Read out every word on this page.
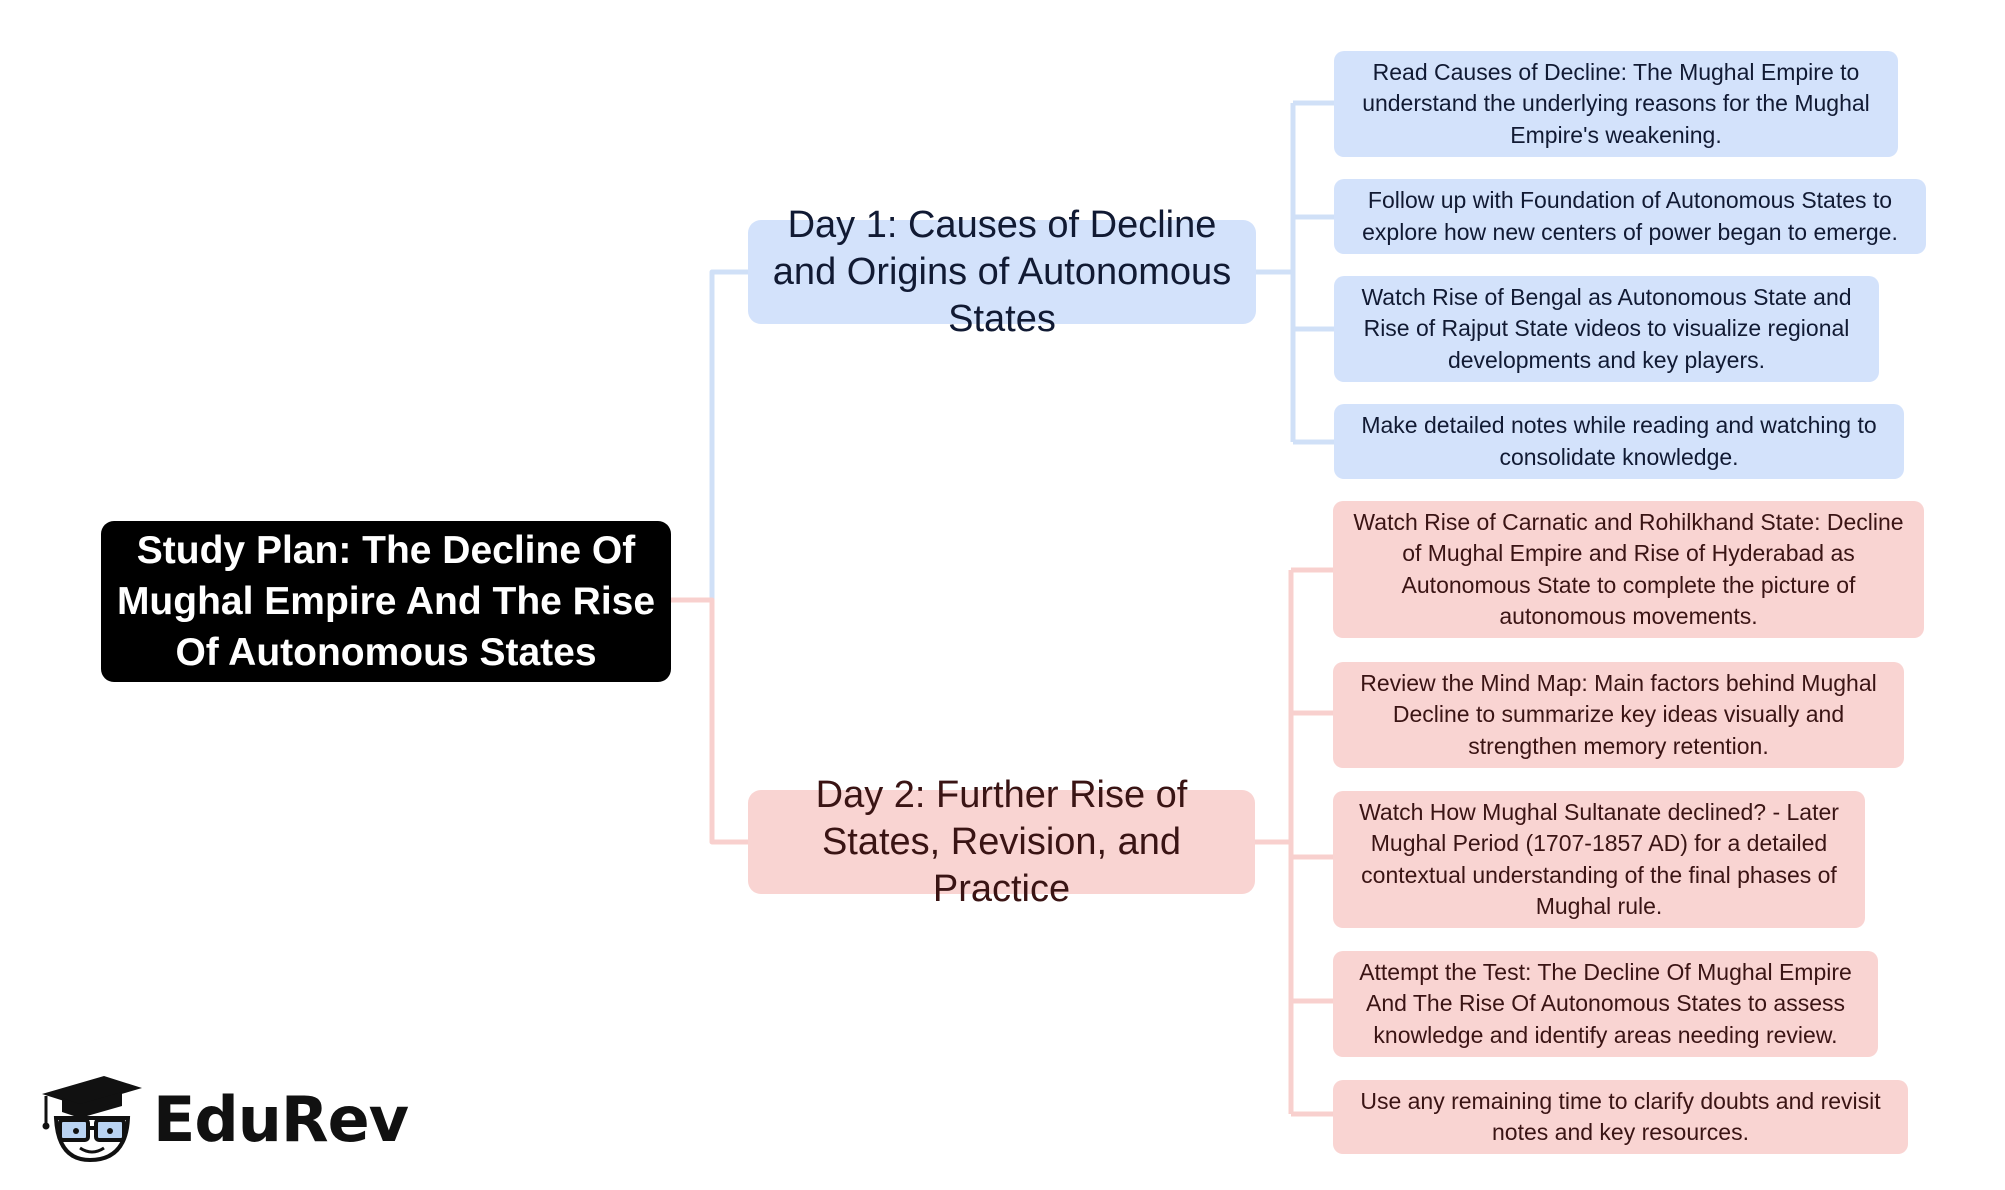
Study Plan: The Decline Of Mughal Empire And The Rise Of Autonomous States
Day 1: Causes of Decline and Origins of Autonomous States
Day 2: Further Rise of States, Revision, and Practice
Read Causes of Decline: The Mughal Empire to understand the underlying reasons for the Mughal Empire's weakening.
Follow up with Foundation of Autonomous States to explore how new centers of power began to emerge.
Watch Rise of Bengal as Autonomous State and Rise of Rajput State videos to visualize regional developments and key players.
Make detailed notes while reading and watching to consolidate knowledge.
Watch Rise of Carnatic and Rohilkhand State: Decline of Mughal Empire and Rise of Hyderabad as Autonomous State to complete the picture of autonomous movements.
Review the Mind Map: Main factors behind Mughal Decline to summarize key ideas visually and strengthen memory retention.
Watch How Mughal Sultanate declined? - Later Mughal Period (1707-1857 AD) for a detailed contextual understanding of the final phases of Mughal rule.
Attempt the Test: The Decline Of Mughal Empire And The Rise Of Autonomous States to assess knowledge and identify areas needing review.
Use any remaining time to clarify doubts and revisit notes and key resources.
EduRev
